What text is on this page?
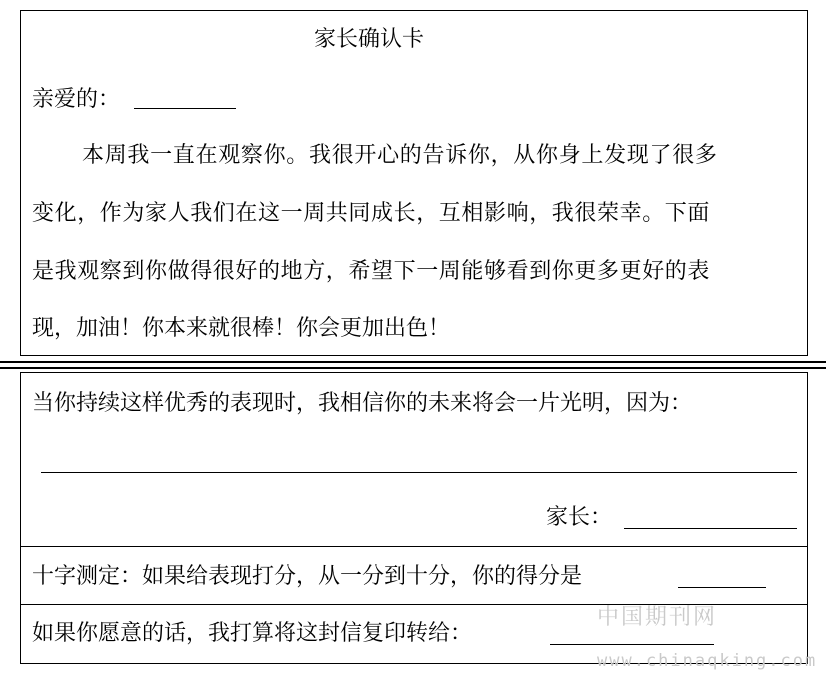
家长确认卡
亲爱的：
本周我一直在观察你。我很开心的告诉你，从你身上发现了很多
变化，作为家人我们在这一周共同成长，互相影响，我很荣幸。下面
是我观察到你做得很好的地方，希望下一周能够看到你更多更好的表
现，加油！你本来就很棒！你会更加出色！
当你持续这样优秀的表现时，我相信你的未来将会一片光明，因为：
家长：
十字测定：如果给表现打分，从一分到十分，你的得分是
如果你愿意的话，我打算将这封信复印转给：
中国期刊网
www.chinaqking.com
